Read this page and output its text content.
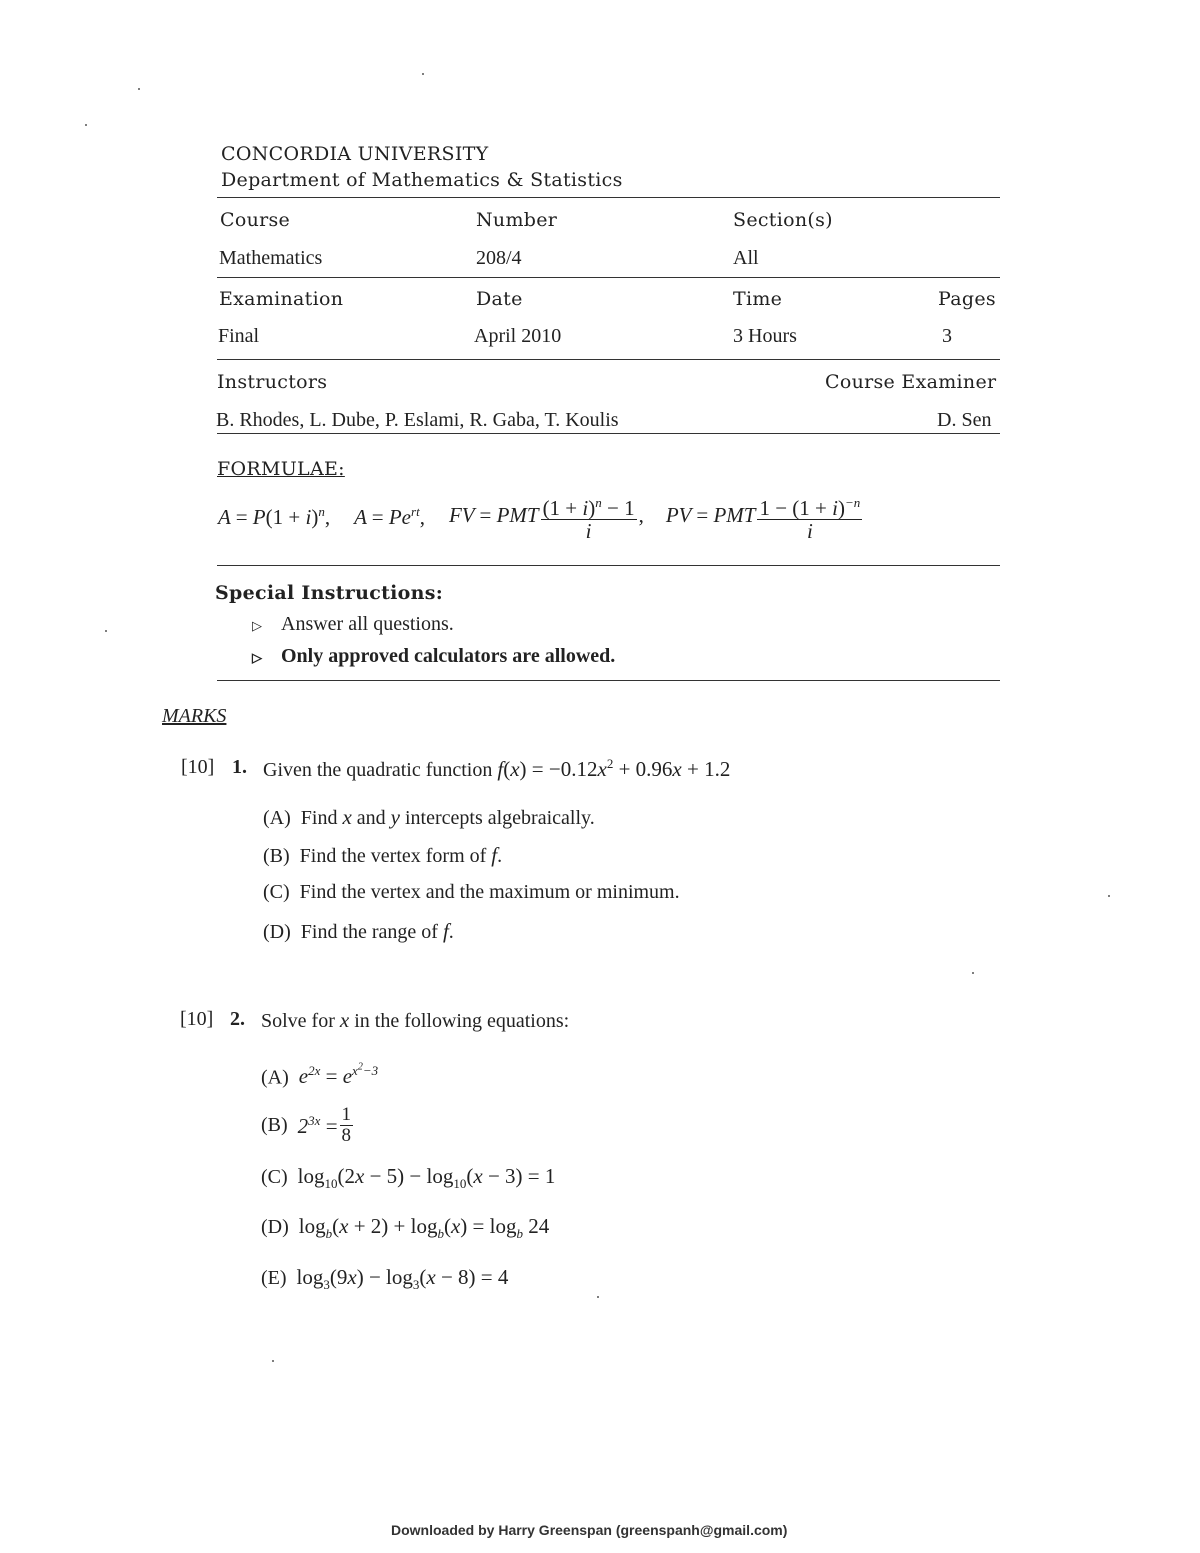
CONCORDIA UNIVERSITY
Department of Mathematics & Statistics
Course	Number	Section(s)
Mathematics	208/4	All
Examination	Date	Time	Pages
Final	April 2010	3 Hours	3
Instructors	Course Examiner
B. Rhodes, L. Dube, P. Eslami, R. Gaba, T. Koulis	D. Sen
FORMULAE:
$A = P(1 + i)^n$, $A = Pe^{rt}$, FV = PMT $\frac{(1 + i)^n - 1}{i}$ , PV = PMT $\frac{1 - (1 + i)^{-n}}{i}$
Special Instructions:
▷ Answer all questions.
▷ Only approved calculators are allowed.
MARKS
[10] 1. Given the quadratic function $f(x) = -0.12x^2 + 0.96x + 1.2$
(A) Find x and y intercepts algebraically.
(B) Find the vertex form of f.
(C) Find the vertex and the maximum or minimum.
(D) Find the range of f.
[10] 2. Solve for x in the following equations:
(A) $e^{2x} = e^{x^2-3}$
(B)
$2^{3x} = \frac{1}{8}$
(C) $\log_{10}(2x - 5) - \log_{10}(x - 3) = 1$
(D) $\log_b(x + 2) + \log_b(x) = \log_b 24$
(E) $\log_3(9x) - \log_3(x - 8) = 4$
Downloaded by Harry Greenspan (greenspanh@gmail.com)
